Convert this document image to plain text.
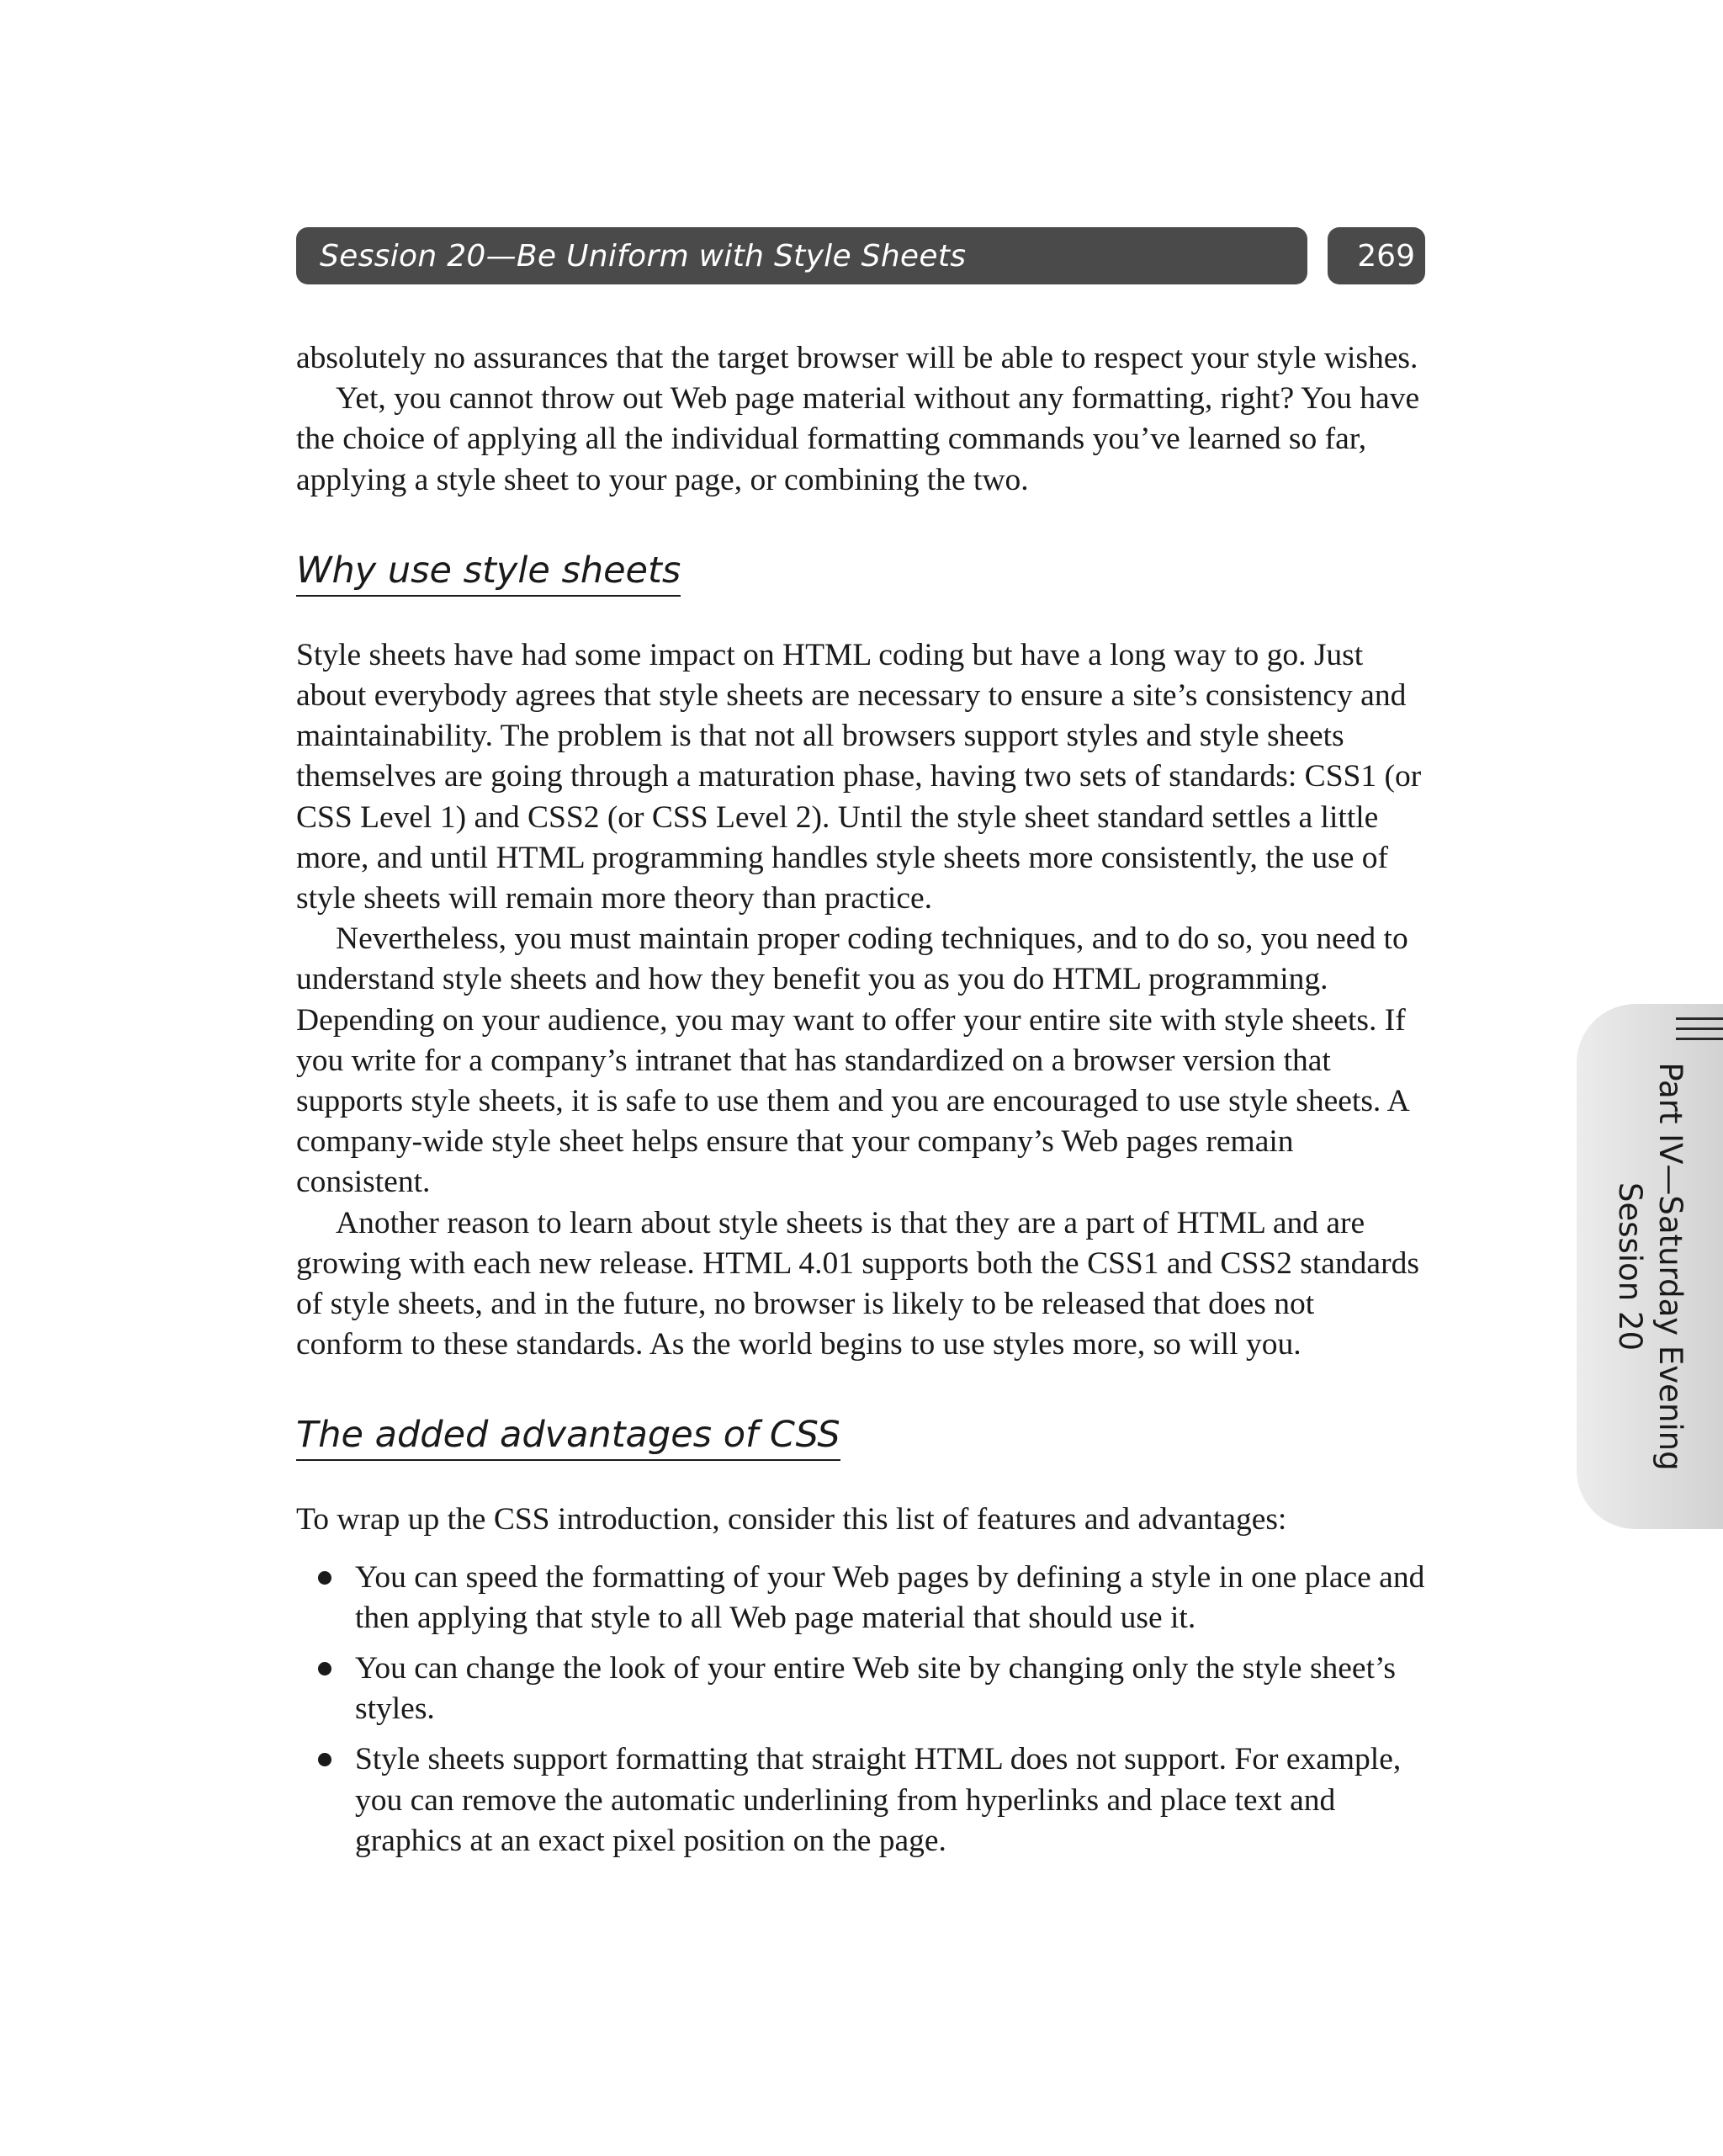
Session 20—Be Uniform with Style Sheets	269

absolutely no assurances that the target browser will be able to respect your style wishes.

Yet, you cannot throw out Web page material without any formatting, right? You have the choice of applying all the individual formatting commands you’ve learned so far, applying a style sheet to your page, or combining the two.

Why use style sheets

Style sheets have had some impact on HTML coding but have a long way to go. Just about everybody agrees that style sheets are necessary to ensure a site’s consistency and maintainability. The problem is that not all browsers support styles and style sheets themselves are going through a maturation phase, having two sets of standards: CSS1 (or CSS Level 1) and CSS2 (or CSS Level 2). Until the style sheet standard settles a little more, and until HTML programming handles style sheets more consistently, the use of style sheets will remain more theory than practice.

Nevertheless, you must maintain proper coding techniques, and to do so, you need to understand style sheets and how they benefit you as you do HTML programming. Depending on your audience, you may want to offer your entire site with style sheets. If you write for a company’s intranet that has standardized on a browser version that supports style sheets, it is safe to use them and you are encouraged to use style sheets. A company-wide style sheet helps ensure that your company’s Web pages remain consistent.

Another reason to learn about style sheets is that they are a part of HTML and are growing with each new release. HTML 4.01 supports both the CSS1 and CSS2 standards of style sheets, and in the future, no browser is likely to be released that does not conform to these standards. As the world begins to use styles more, so will you.

The added advantages of CSS

To wrap up the CSS introduction, consider this list of features and advantages:

You can speed the formatting of your Web pages by defining a style in one place and then applying that style to all Web page material that should use it.
You can change the look of your entire Web site by changing only the style sheet’s styles.
Style sheets support formatting that straight HTML does not support. For example, you can remove the automatic underlining from hyperlinks and place text and graphics at an exact pixel position on the page.
Part IV—Saturday Evening
Session 20
